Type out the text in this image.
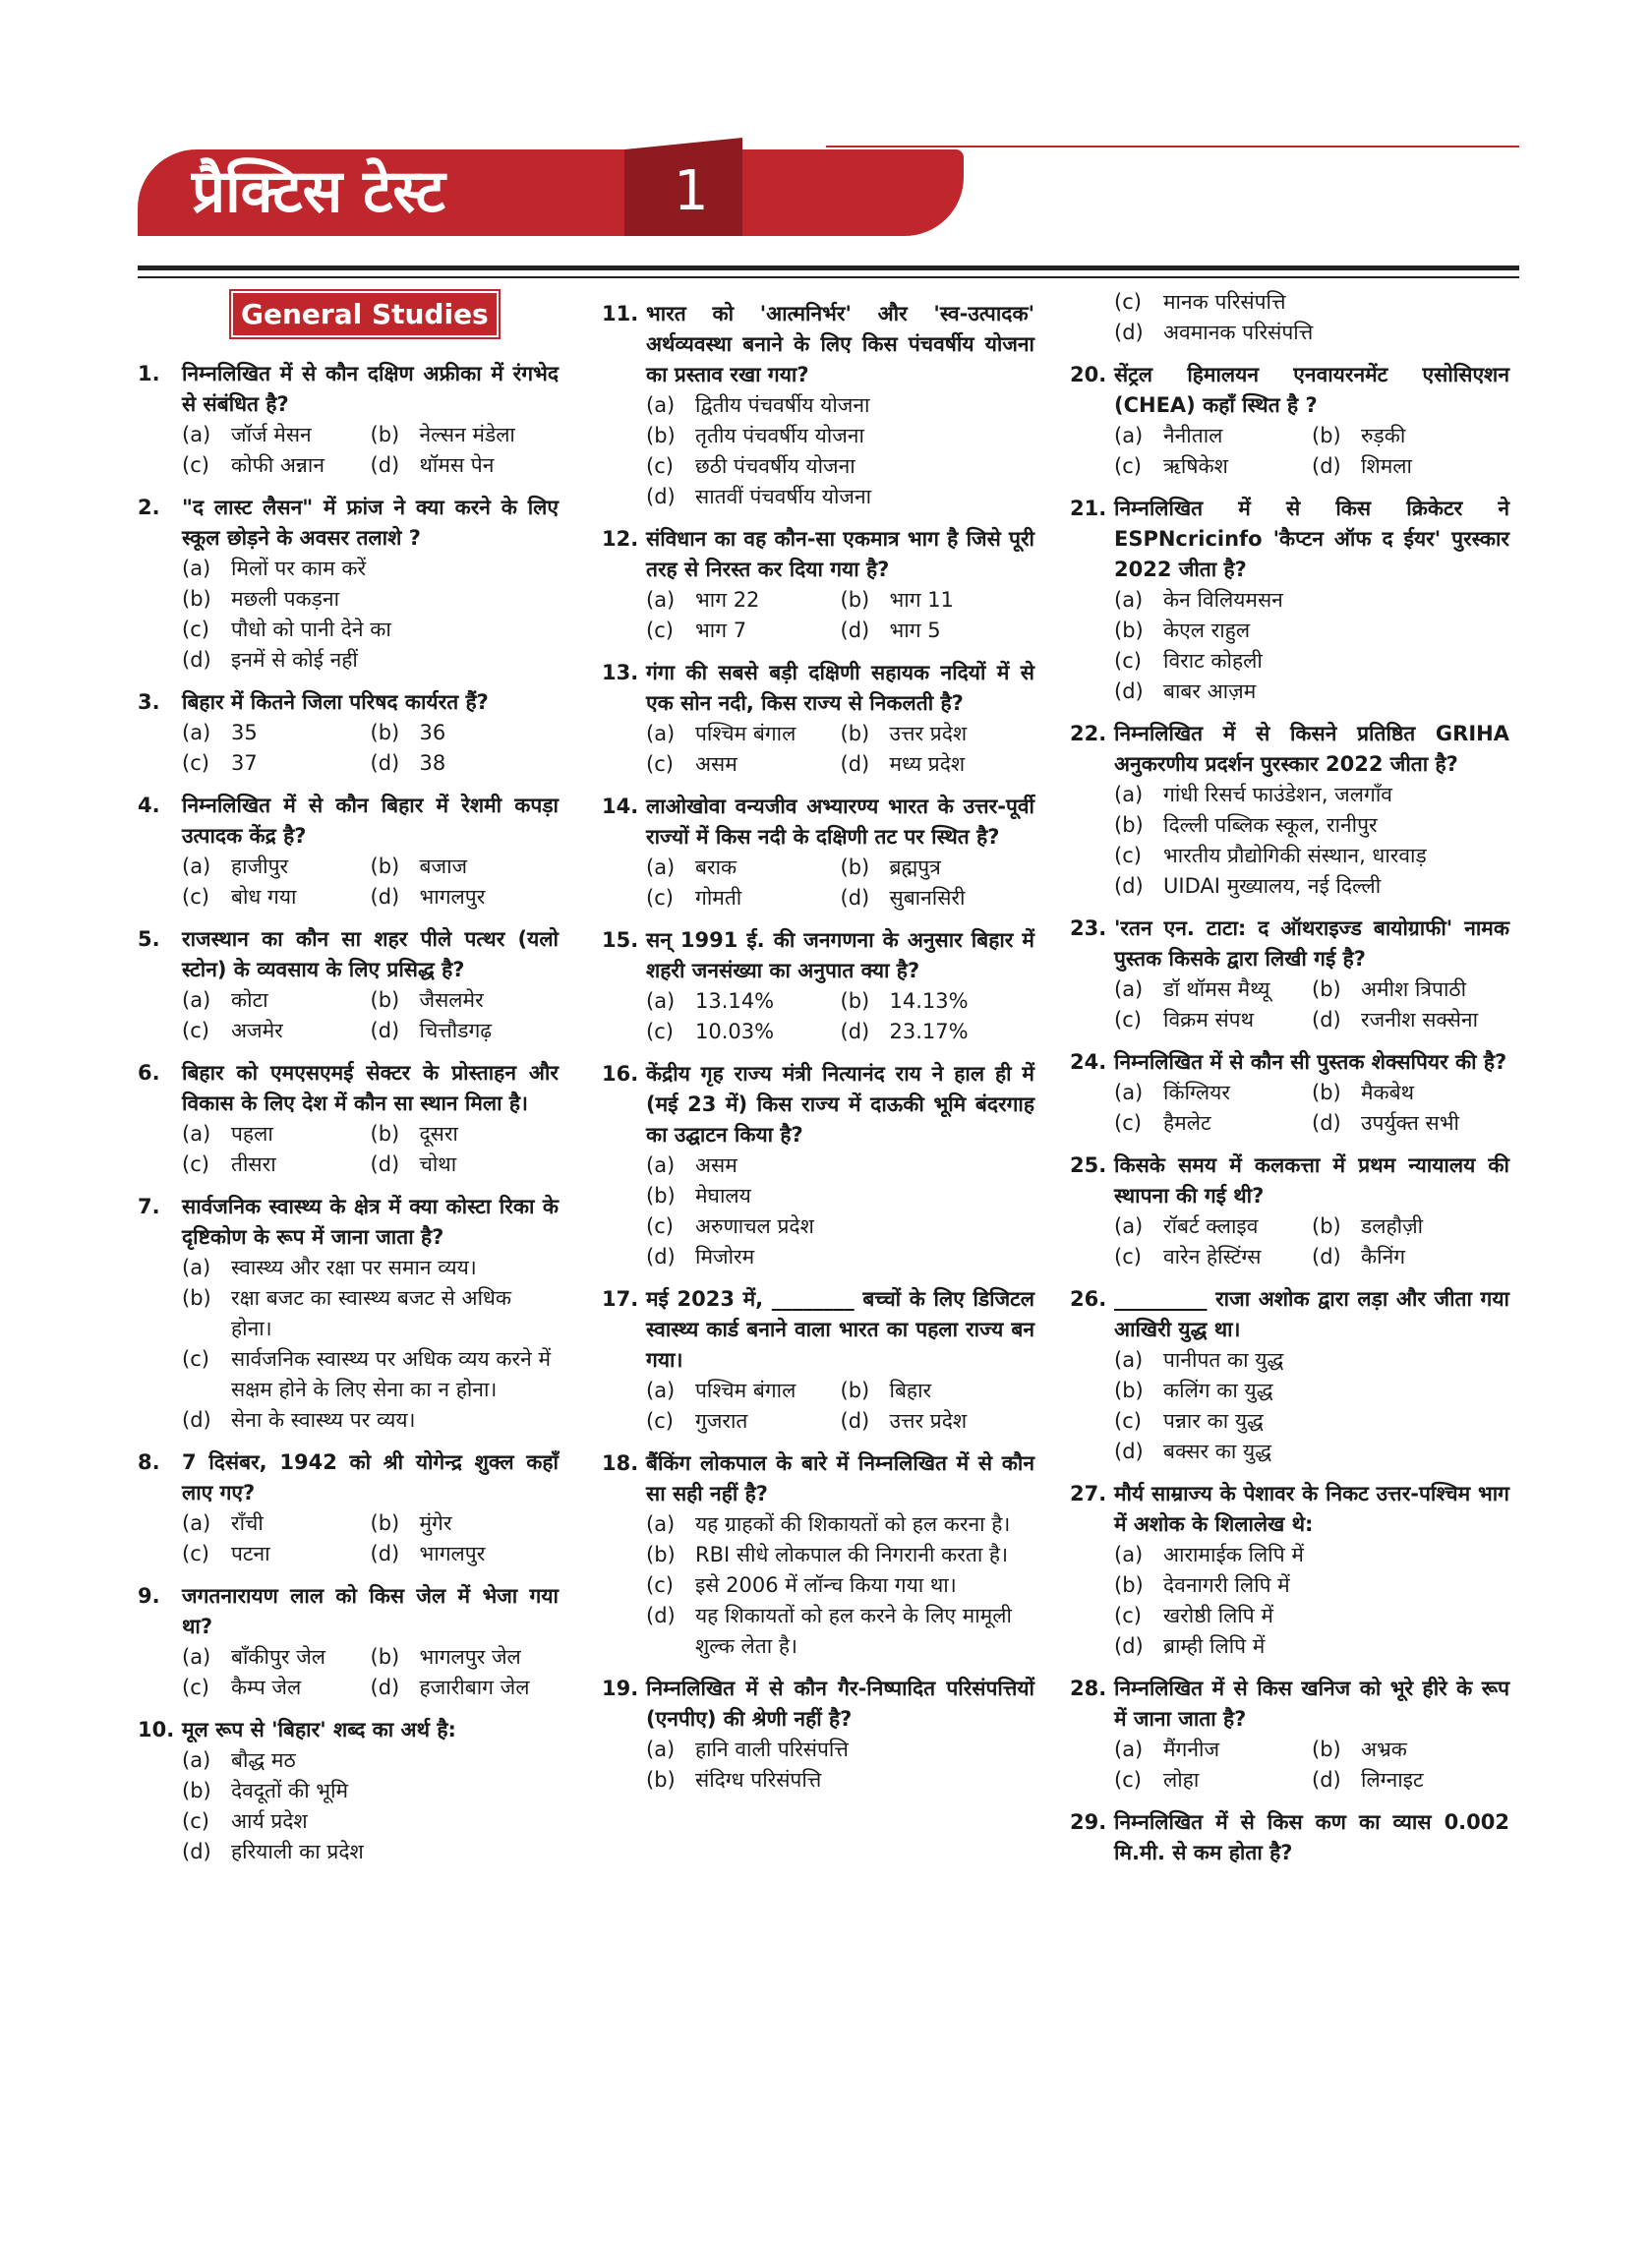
प्रैक्टिस टेस्ट	1
General Studies
1.	निम्नलिखित में से कौन दक्षिण अफ्रीका में रंगभेद से संबंधित है?
(a) जॉर्ज मेसन	(b) नेल्सन मंडेला
(c)	कोफी अन्नान	(d) थॉमस पेन
2.	"द लास्ट लैसन" में फ्रांज ने क्या करने के लिए स्कूल छोड़ने के अवसर तलाशे ?
(a) मिलों पर काम करें
(b) मछली पकड़ना
(c)	पौधो को पानी देने का
(d) इनमें से कोई नहीं
3.	बिहार में कितने जिला परिषद कार्यरत हैं?
(a) 35	(b) 36
(c)	37	(d) 38
4.	निम्नलिखित में से कौन बिहार में रेशमी कपड़ा उत्पादक केंद्र है?
(a) हाजीपुर	(b) बजाज
(c)	बोध गया	(d) भागलपुर
5.	राजस्थान का कौन सा शहर पीले पत्थर (यलो स्टोन) के व्यवसाय के लिए प्रसिद्ध है?
(a) कोटा	(b) जैसलमेर
(c)	अजमेर	(d) चित्तौडगढ़
6.	बिहार को एमएसएमई सेक्टर के प्रोस्ताहन और विकास के लिए देश में कौन सा स्थान मिला है।
(a) पहला	(b) दूसरा
(c)	तीसरा	(d) चोथा
7.	सार्वजनिक स्वास्थ्य के क्षेत्र में क्या कोस्टा रिका के दृष्टिकोण के रूप में जाना जाता है?
(a) स्वास्थ्य और रक्षा पर समान व्यय।
(b) रक्षा बजट का स्वास्थ्य बजट से अधिक होना।
(c)	सार्वजनिक स्वास्थ्य पर अधिक व्यय करने में सक्षम होने के लिए सेना का न होना।
(d) सेना के स्वास्थ्य पर व्यय।
8.	7 दिसंबर, 1942 को श्री योगेन्द्र शुक्ल कहाँ लाए गए?
(a) राँची	(b) मुंगेर
(c)	पटना	(d) भागलपुर
9.	जगतनारायण लाल को किस जेल में भेजा गया था?
(a) बाँकीपुर जेल	(b) भागलपुर जेल
(c)	कैम्प जेल	(d) हजारीबाग जेल
10. मूल रूप से 'बिहार' शब्द का अर्थ है:
(a) बौद्ध मठ
(b) देवदूतों की भूमि
(c)	आर्य प्रदेश
(d) हरियाली का प्रदेश
11. भारत को 'आत्मनिर्भर' और 'स्व-उत्पादक' अर्थव्यवस्था बनाने के लिए किस पंचवर्षीय योजना का प्रस्ताव रखा गया?
(a) द्वितीय पंचवर्षीय योजना
(b) तृतीय पंचवर्षीय योजना
(c)	छठी पंचवर्षीय योजना
(d) सातवीं पंचवर्षीय योजना
12. संविधान का वह कौन-सा एकमात्र भाग है जिसे पूरी तरह से निरस्त कर दिया गया है?
(a) भाग 22	(b) भाग 11
(c)	भाग 7	(d) भाग 5
13. गंगा की सबसे बड़ी दक्षिणी सहायक नदियों में से एक सोन नदी, किस राज्य से निकलती है?
(a) पश्चिम बंगाल	(b) उत्तर प्रदेश
(c)	असम	(d) मध्य प्रदेश
14. लाओखोवा वन्यजीव अभ्यारण्य भारत के उत्तर-पूर्वी राज्यों में किस नदी के दक्षिणी तट पर स्थित है?
(a) बराक	(b) ब्रह्मपुत्र
(c)	गोमती	(d) सुबानसिरी
15. सन् 1991 ई. की जनगणना के अनुसार बिहार में शहरी जनसंख्या का अनुपात क्या है?
(a) 13.14%	(b) 14.13%
(c)	10.03%	(d) 23.17%
16. केंद्रीय गृह राज्य मंत्री नित्यानंद राय ने हाल ही में (मई 23 में) किस राज्य में दाऊकी भूमि बंदरगाह का उद्घाटन किया है?
(a) असम
(b) मेघालय
(c)	अरुणाचल प्रदेश
(d) मिजोरम
17. मई 2023 में, ________ बच्चों के लिए डिजिटल स्वास्थ्य कार्ड बनाने वाला भारत का पहला राज्य बन गया।
(a) पश्चिम बंगाल	(b) बिहार
(c)	गुजरात	(d) उत्तर प्रदेश
18. बैंकिंग लोकपाल के बारे में निम्नलिखित में से कौन सा सही नहीं है?
(a) यह ग्राहकों की शिकायतों को हल करना है।
(b) RBI सीधे लोकपाल की निगरानी करता है।
(c)	इसे 2006 में लॉन्च किया गया था।
(d) यह शिकायतों को हल करने के लिए मामूली शुल्क लेता है।
19. निम्नलिखित में से कौन गैर-निष्पादित परिसंपत्तियों (एनपीए) की श्रेणी नहीं है?
(a) हानि वाली परिसंपत्ति
(b) संदिग्ध परिसंपत्ति
(c)	मानक परिसंपत्ति
(d) अवमानक परिसंपत्ति
20. सेंट्रल हिमालयन एनवायरनमेंट एसोसिएशन (CHEA) कहाँ स्थित है ?
(a) नैनीताल	(b) रुड़की
(c)	ऋषिकेश	(d) शिमला
21. निम्नलिखित में से किस क्रिकेटर ने ESPNcricinfo 'कैप्टन ऑफ द ईयर' पुरस्कार 2022 जीता है?
(a) केन विलियमसन
(b) केएल राहुल
(c)	विराट कोहली
(d) बाबर आज़म
22. निम्नलिखित में से किसने प्रतिष्ठित GRIHA अनुकरणीय प्रदर्शन पुरस्कार 2022 जीता है?
(a) गांधी रिसर्च फाउंडेशन, जलगाँव
(b) दिल्ली पब्लिक स्कूल, रानीपुर
(c)	भारतीय प्रौद्योगिकी संस्थान, धारवाड़
(d) UIDAI मुख्यालय, नई दिल्ली
23. 'रतन एन. टाटा: द ऑथराइज्ड बायोग्राफी' नामक पुस्तक किसके द्वारा लिखी गई है?
(a) डॉ थॉमस मैथ्यू	(b) अमीश त्रिपाठी
(c)	विक्रम संपथ	(d) रजनीश सक्सेना
24. निम्नलिखित में से कौन सी पुस्तक शेक्सपियर की है?
(a) किंग्लियर	(b) मैकबेथ
(c)	हैमलेट	(d) उपर्युक्त सभी
25. किसके समय में कलकत्ता में प्रथम न्यायालय की स्थापना की गई थी?
(a) रॉबर्ट क्लाइव	(b) डलहौज़ी
(c)	वारेन हेस्टिंग्स	(d) कैनिंग
26. _________ राजा अशोक द्वारा लड़ा और जीता गया आखिरी युद्ध था।
(a) पानीपत का युद्ध
(b) कलिंग का युद्ध
(c)	पन्नार का युद्ध
(d) बक्सर का युद्ध
27. मौर्य साम्राज्य के पेशावर के निकट उत्तर-पश्चिम भाग में अशोक के शिलालेख थे:
(a) आरामाईक लिपि में
(b) देवनागरी लिपि में
(c)	खरोष्ठी लिपि में
(d) ब्राम्ही लिपि में
28. निम्नलिखित में से किस खनिज को भूरे हीरे के रूप में जाना जाता है?
(a) मैंगनीज	(b) अभ्रक
(c)	लोहा	(d) लिग्नाइट
29. निम्नलिखित में से किस कण का व्यास 0.002 मि.मी. से कम होता है?
